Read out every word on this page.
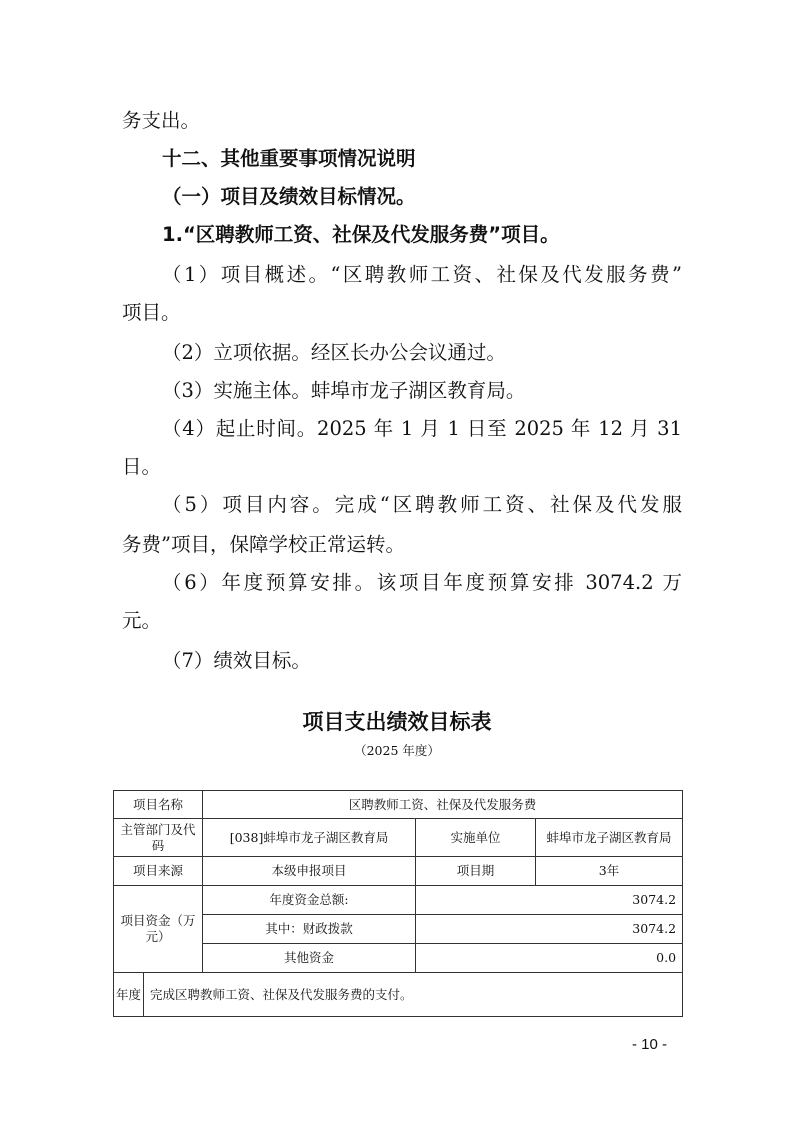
务支出。
十二、其他重要事项情况说明
（一）项目及绩效目标情况。
1.“区聘教师工资、社保及代发服务费”项目。
（1）项目概述。“区聘教师工资、社保及代发服务费”
项目。
（2）立项依据。经区长办公会议通过。
（3）实施主体。蚌埠市龙子湖区教育局。
（4）起止时间。2025 年 1 月 1 日至 2025 年 12 月 31
日。
（5）项目内容。完成“区聘教师工资、社保及代发服
务费”项目，保障学校正常运转。
（6）年度预算安排。该项目年度预算安排 3074.2 万
元。
（7）绩效目标。
项目支出绩效目标表
（2025 年度）
项目名称		区聘教师工资、社保及代发服务费		
主管部门及代码		[038]蚌埠市龙子湖区教育局	实施单位	蚌埠市龙子湖区教育局
项目来源		本级申报项目	项目期	3年
项目资金（万元）		年度资金总额:	3074.2	
		其中：财政拨款	3074.2	
		其他资金	0.0	
年度	完成区聘教师工资、社保及代发服务费的支付。			
- 10 -
